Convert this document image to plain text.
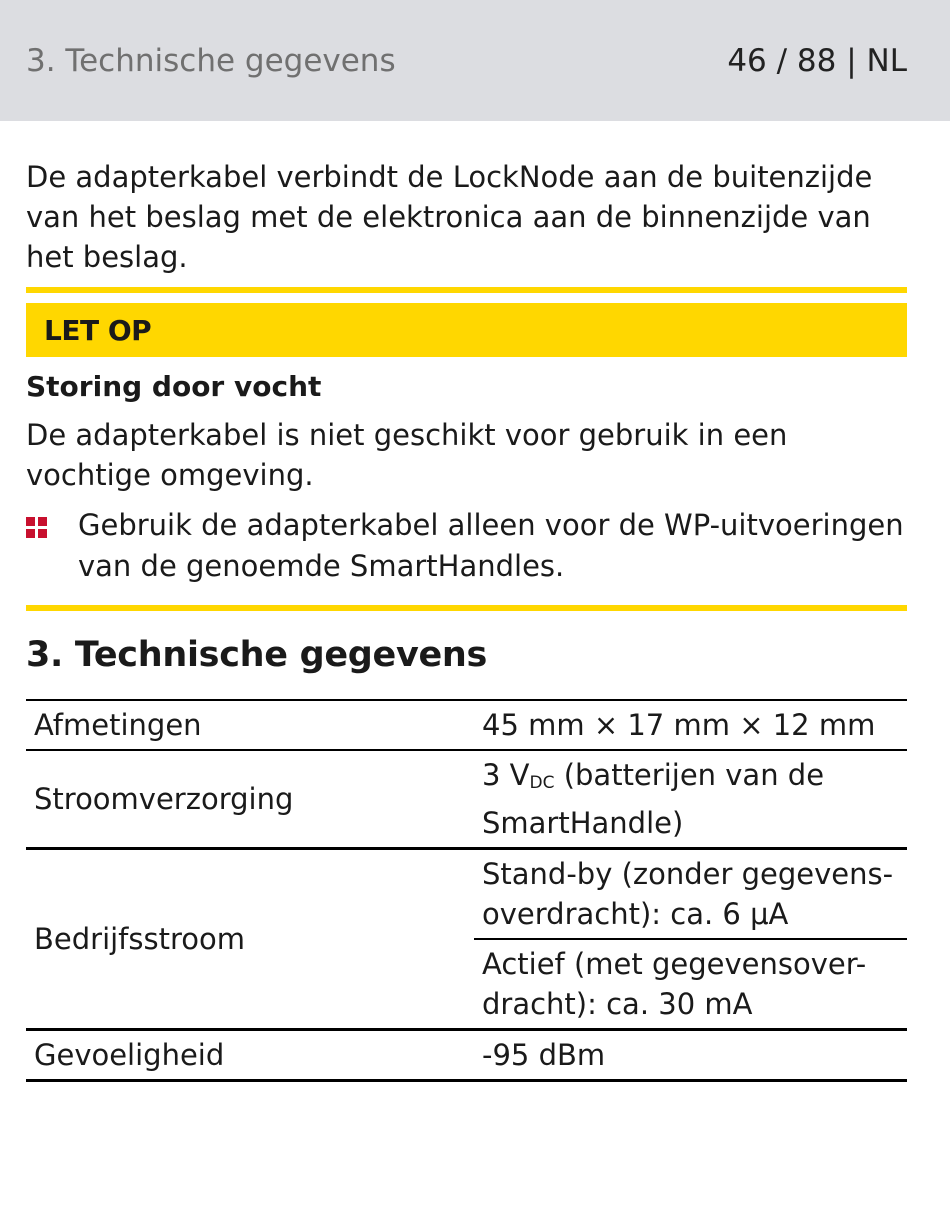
3. Technische gegevens	46 / 88 | NL

De adapterkabel verbindt de LockNode aan de buitenzijde van het beslag met de elektronica aan de binnenzijde van het beslag.

LET OP
Storing door vocht
De adapterkabel is niet geschikt voor gebruik in een vochtige omgeving.
Gebruik de adapterkabel alleen voor de WP-uitvoeringen van de genoemde SmartHandles.
3. Technische gegevens
Afmetingen	45 mm × 17 mm × 12 mm
Stroomverzorging	3 $V_{DC}$ (batterijen van de SmartHandle)
Bedrijfsstroom	Stand-by (zonder gegevens-overdracht): ca. 6 μA
	Actief (met gegevensover-dracht): ca. 30 mA
Gevoeligheid	-95 dBm
